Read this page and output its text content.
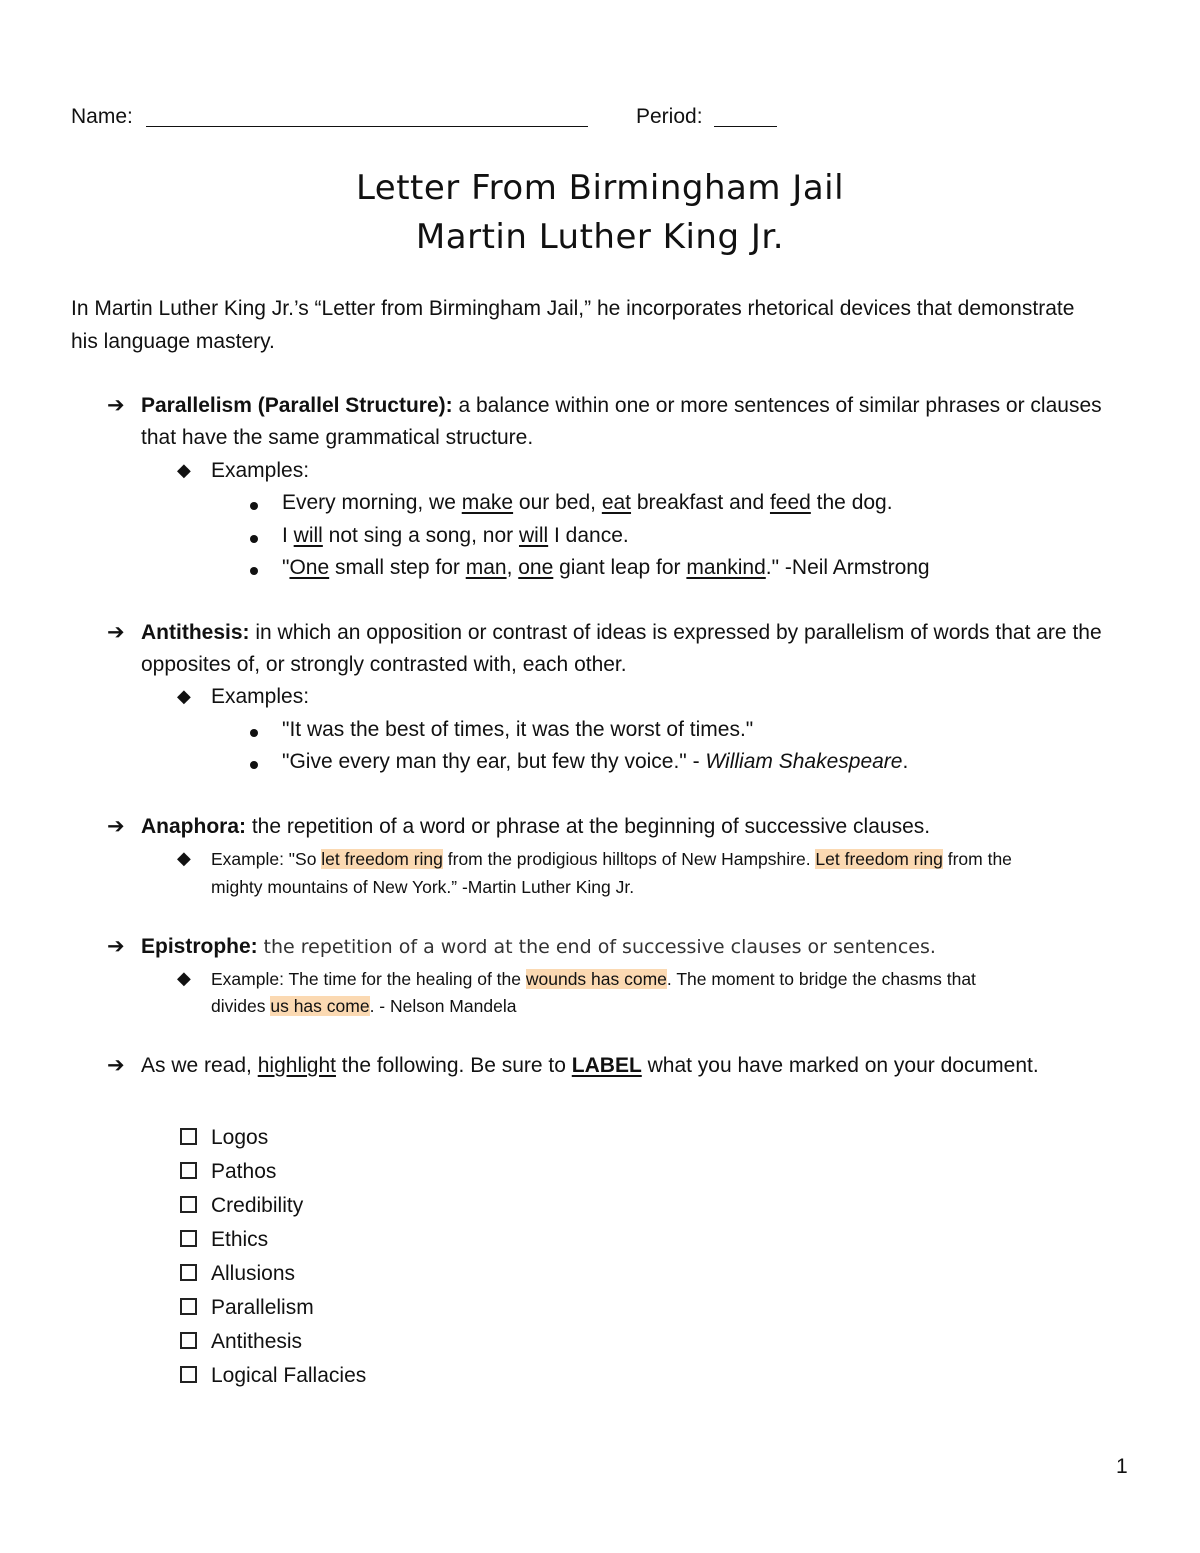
Name:	Period:
Letter From Birmingham Jail
Martin Luther King Jr.
In Martin Luther King Jr.’s “Letter from Birmingham Jail,” he incorporates rhetorical devices that demonstrate
his language mastery.
➔ Parallelism (Parallel Structure): a balance within one or more sentences of similar phrases or clauses
that have the same grammatical structure.
◆ Examples:
Every morning, we make our bed, eat breakfast and feed the dog.
I will not sing a song, nor will I dance.
"One small step for man, one giant leap for mankind." -Neil Armstrong
➔ Antithesis: in which an opposition or contrast of ideas is expressed by parallelism of words that are the
opposites of, or strongly contrasted with, each other.
◆ Examples:
"It was the best of times, it was the worst of times."
"Give every man thy ear, but few thy voice." - William Shakespeare.
➔ Anaphora: the repetition of a word or phrase at the beginning of successive clauses.
◆ Example: "So let freedom ring from the prodigious hilltops of New Hampshire. Let freedom ring from the
mighty mountains of New York.” -Martin Luther King Jr.
➔ Epistrophe: the repetition of a word at the end of successive clauses or sentences.
◆ Example: The time for the healing of the wounds has come. The moment to bridge the chasms that
divides us has come. - Nelson Mandela
➔ As we read, highlight the following. Be sure to LABEL what you have marked on your document.
Logos
Pathos
Credibility
Ethics
Allusions
Parallelism
Antithesis
Logical Fallacies
1
